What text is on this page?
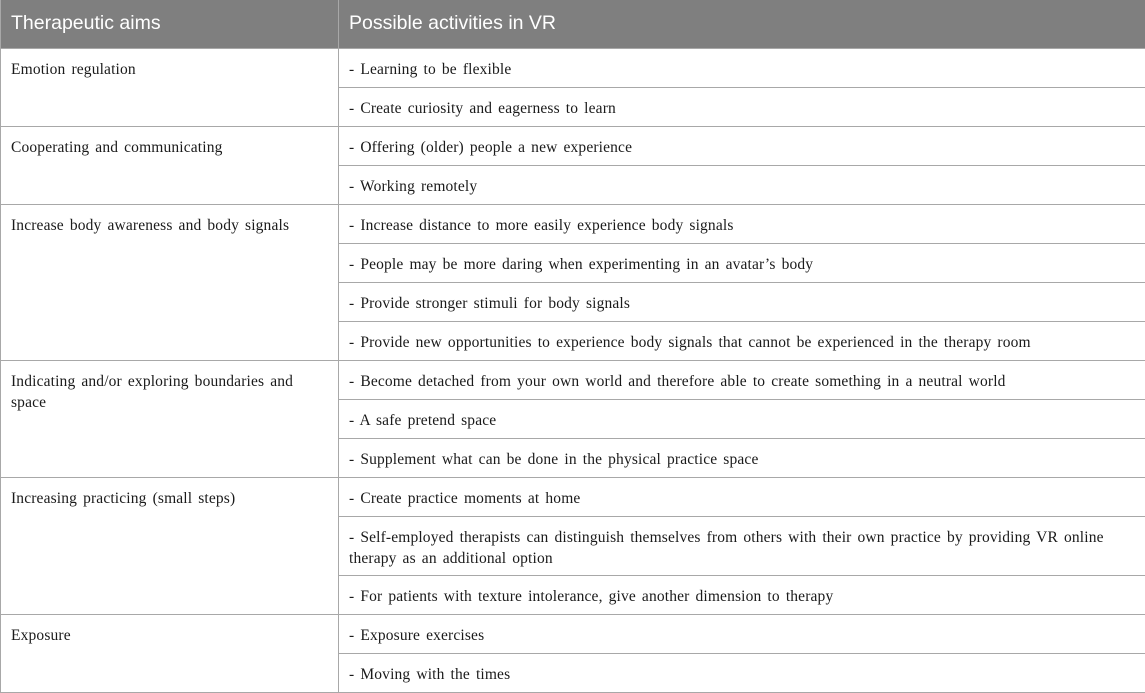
Therapeutic aims	Possible activities in VR
Emotion regulation	- Learning to be flexible
	- Create curiosity and eagerness to learn
Cooperating and communicating	- Offering (older) people a new experience
	- Working remotely
Increase body awareness and body signals	- Increase distance to more easily experience body signals
	- People may be more daring when experimenting in an avatar’s body
	- Provide stronger stimuli for body signals
	- Provide new opportunities to experience body signals that cannot be experienced in the therapy room
Indicating and/or exploring boundaries and space	- Become detached from your own world and therefore able to create something in a neutral world
	- A safe pretend space
	- Supplement what can be done in the physical practice space
Increasing practicing (small steps)	- Create practice moments at home
	- Self-employed therapists can distinguish themselves from others with their own practice by providing VR online therapy as an additional option
	- For patients with texture intolerance, give another dimension to therapy
Exposure	- Exposure exercises
	- Moving with the times
